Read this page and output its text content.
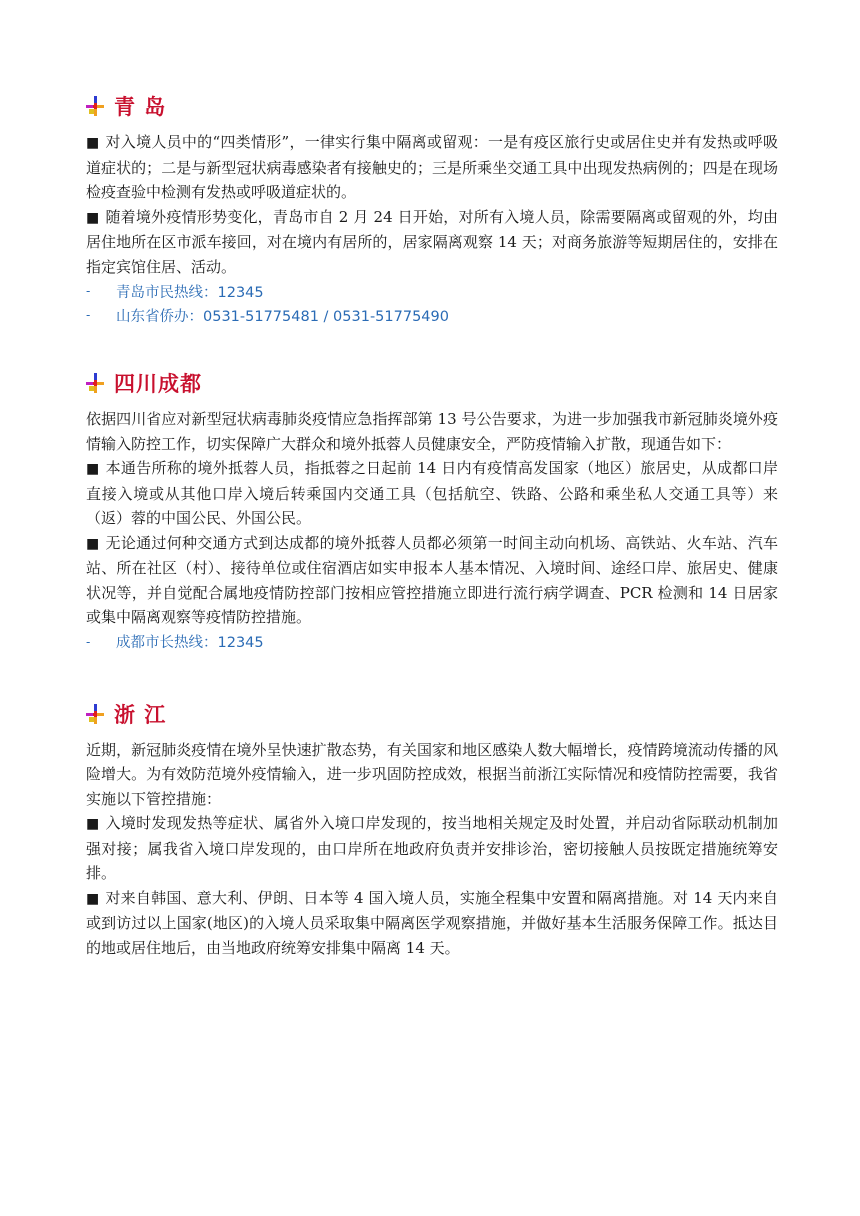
青 岛

■ 对入境人员中的“四类情形”，一律实行集中隔离或留观：一是有疫区旅行史或居住史并有发热或呼吸道症状的；二是与新型冠状病毒感染者有接触史的；三是所乘坐交通工具中出现发热病例的；四是在现场检疫查验中检测有发热或呼吸道症状的。

■ 随着境外疫情形势变化，青岛市自 2 月 24 日开始，对所有入境人员，除需要隔离或留观的外，均由居住地所在区市派车接回，对在境内有居所的，居家隔离观察 14 天；对商务旅游等短期居住的，安排在指定宾馆住居、活动。

-	青岛市民热线：12345
-	山东省侨办：0531-51775481 / 0531-51775490
四川成都

依据四川省应对新型冠状病毒肺炎疫情应急指挥部第 13 号公告要求，为进一步加强我市新冠肺炎境外疫情输入防控工作，切实保障广大群众和境外抵蓉人员健康安全，严防疫情输入扩散，现通告如下：

■ 本通告所称的境外抵蓉人员，指抵蓉之日起前 14 日内有疫情高发国家（地区）旅居史，从成都口岸直接入境或从其他口岸入境后转乘国内交通工具（包括航空、铁路、公路和乘坐私人交通工具等）来（返）蓉的中国公民、外国公民。

■ 无论通过何种交通方式到达成都的境外抵蓉人员都必须第一时间主动向机场、高铁站、火车站、汽车站、所在社区（村）、接待单位或住宿酒店如实申报本人基本情况、入境时间、途经口岸、旅居史、健康状况等，并自觉配合属地疫情防控部门按相应管控措施立即进行流行病学调查、PCR 检测和 14 日居家或集中隔离观察等疫情防控措施。

-	成都市长热线：12345
浙 江

近期，新冠肺炎疫情在境外呈快速扩散态势，有关国家和地区感染人数大幅增长，疫情跨境流动传播的风险增大。为有效防范境外疫情输入，进一步巩固防控成效，根据当前浙江实际情况和疫情防控需要，我省实施以下管控措施：

■ 入境时发现发热等症状、属省外入境口岸发现的，按当地相关规定及时处置，并启动省际联动机制加强对接；属我省入境口岸发现的，由口岸所在地政府负责并安排诊治，密切接触人员按既定措施统筹安排。

■ 对来自韩国、意大利、伊朗、日本等 4 国入境人员，实施全程集中安置和隔离措施。对 14 天内来自或到访过以上国家(地区)的入境人员采取集中隔离医学观察措施，并做好基本生活服务保障工作。抵达目的地或居住地后，由当地政府统筹安排集中隔离 14 天。
